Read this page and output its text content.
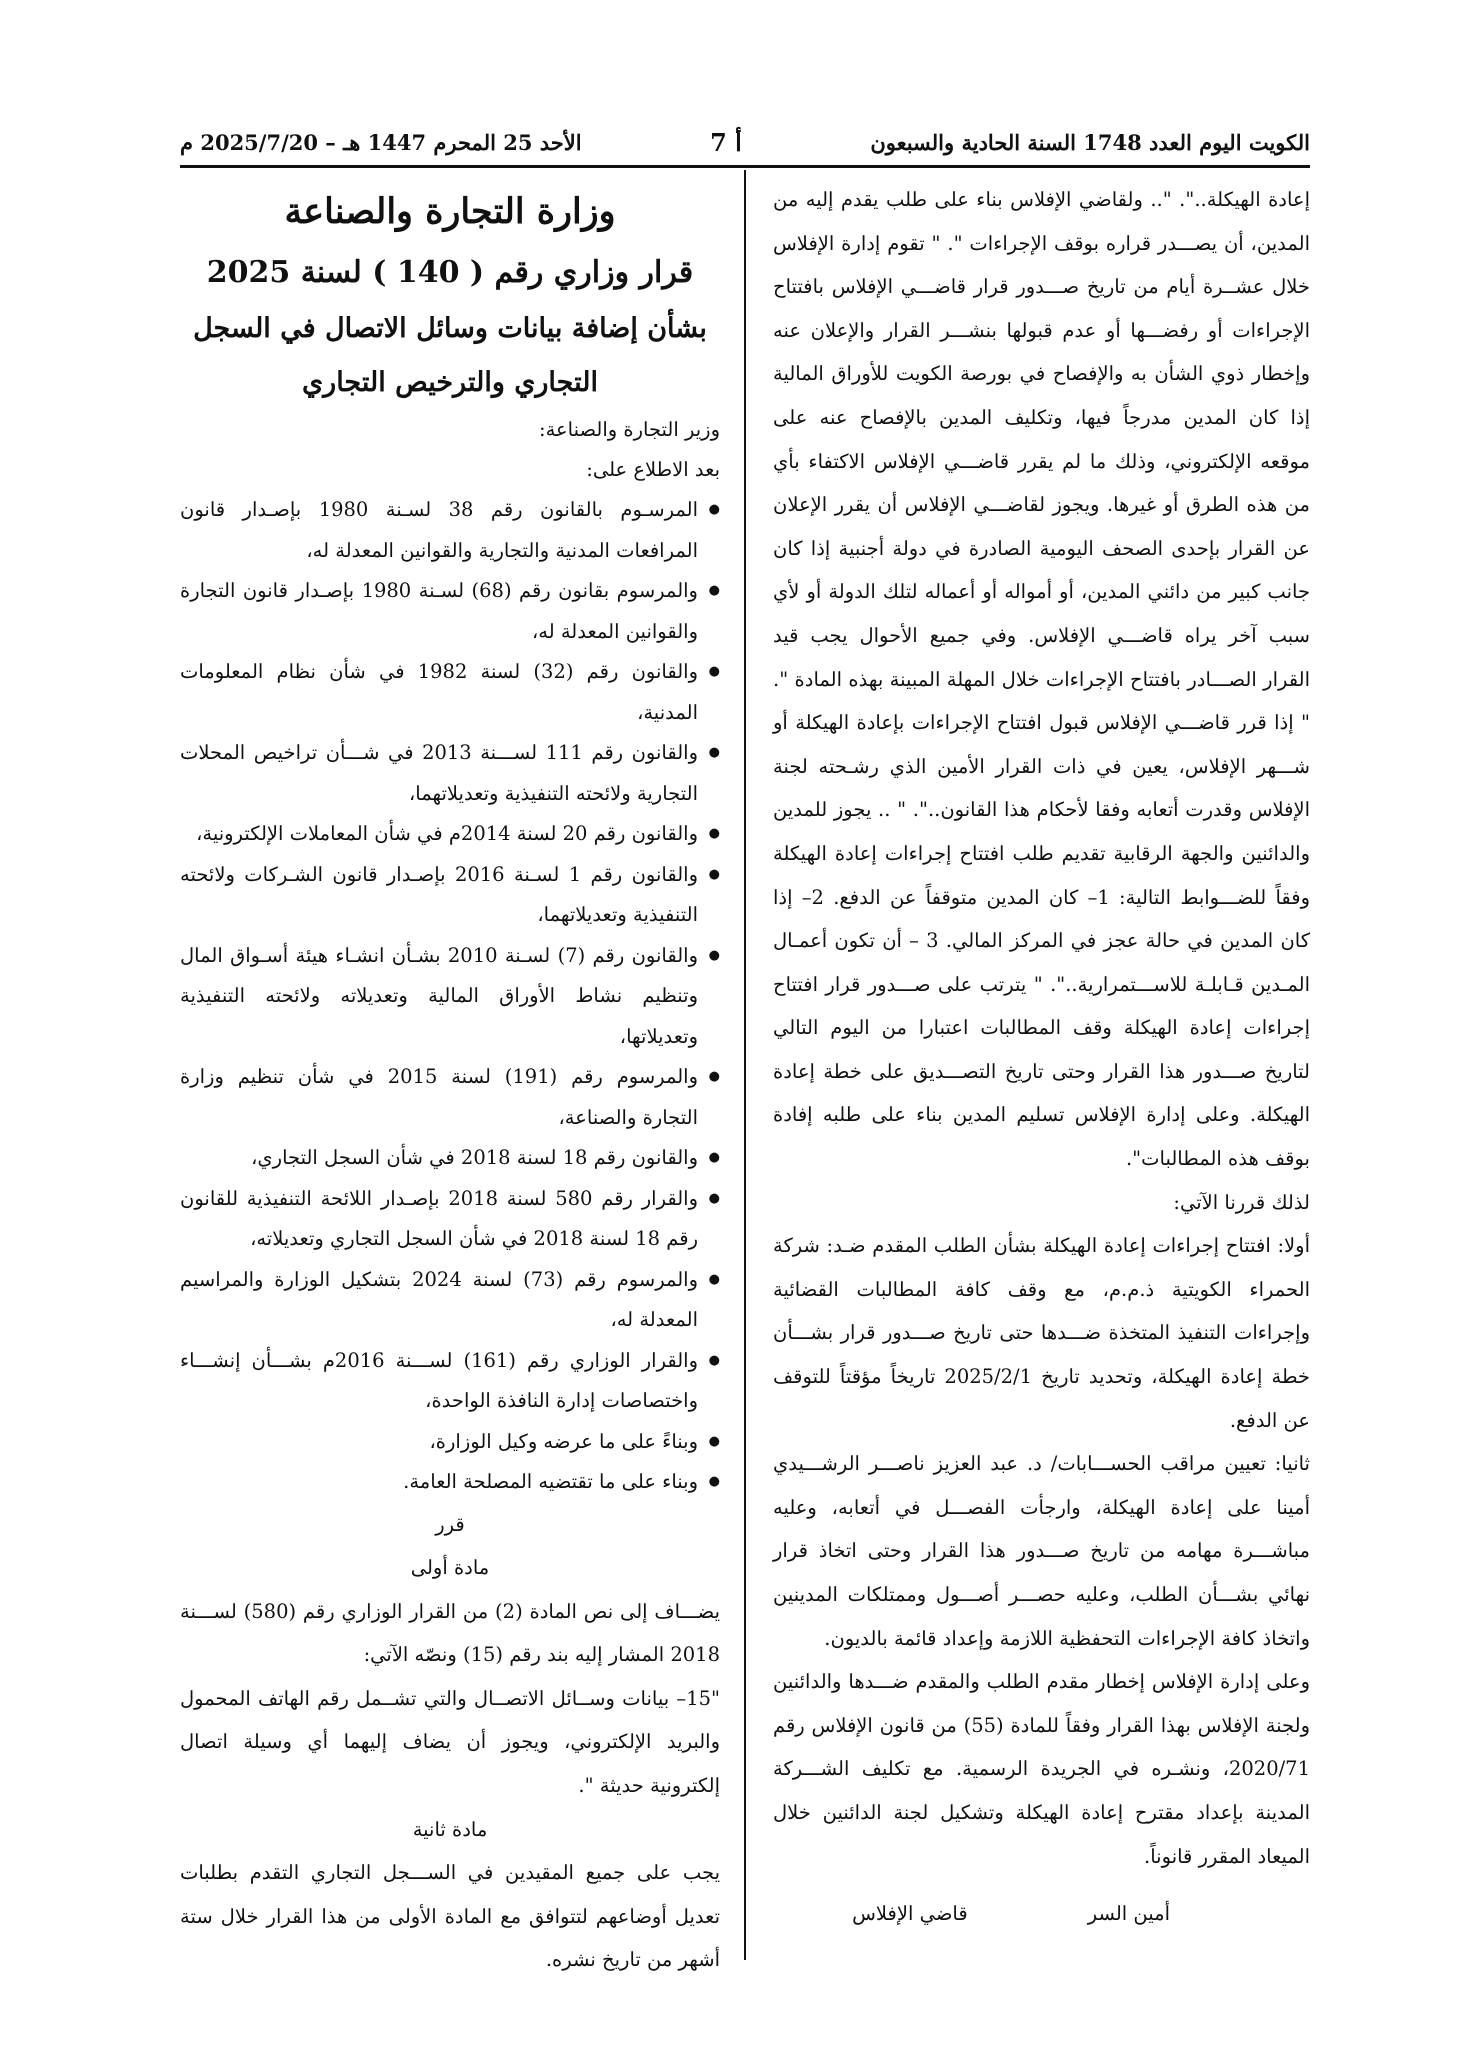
الكويت اليوم العدد 1748 السنة الحادية والسبعون
أ 7
الأحد 25 المحرم 1447 هـ – 2025/7/20 م

إعادة الهيكلة..". ".. ولقاضي الإفلاس بناء على طلب يقدم إليه من المدين، أن يصـــدر قراره بوقف الإجراءات ". " تقوم إدارة الإفلاس خلال عشــرة أيام من تاريخ صـــدور قرار قاضـــي الإفلاس بافتتاح الإجراءات أو رفضـــها أو عدم قبولها بنشـــر القرار والإعلان عنه وإخطار ذوي الشأن به والإفصاح في بورصة الكويت للأوراق المالية إذا كان المدين مدرجاً فيها، وتكليف المدين بالإفصاح عنه على موقعه الإلكتروني، وذلك ما لم يقرر قاضـــي الإفلاس الاكتفاء بأي من هذه الطرق أو غيرها. ويجوز لقاضـــي الإفلاس أن يقرر الإعلان عن القرار بإحدى الصحف اليومية الصادرة في دولة أجنبية إذا كان جانب كبير من دائني المدين، أو أمواله أو أعماله لتلك الدولة أو لأي سبب آخر يراه قاضـــي الإفلاس. وفي جميع الأحوال يجب قيد القرار الصـــادر بافتتاح الإجراءات خلال المهلة المبينة بهذه المادة ". " إذا قرر قاضـــي الإفلاس قبول افتتاح الإجراءات بإعادة الهيكلة أو شـــهر الإفلاس، يعين في ذات القرار الأمين الذي رشـحته لجنة الإفلاس وقدرت أتعابه وفقا لأحكام هذا القانون..". " .. يجوز للمدين والدائنين والجهة الرقابية تقديم طلب افتتاح إجراءات إعادة الهيكلة وفقاً للضـــوابط التالية: 1– كان المدين متوقفاً عن الدفع. 2– إذا كان المدين في حالة عجز في المركز المالي. 3 – أن تكون أعمـال المـدين قـابلـة للاســـتمرارية..". " يترتب على صـــدور قرار افتتاح إجراءات إعادة الهيكلة وقف المطالبات اعتبارا من اليوم التالي لتاريخ صـــدور هذا القرار وحتى تاريخ التصـــديق على خطة إعادة الهيكلة. وعلى إدارة الإفلاس تسليم المدين بناء على طلبه إفادة بوقف هذه المطالبات".

لذلك قررنا الآتي:

أولا: افتتاح إجراءات إعادة الهيكلة بشأن الطلب المقدم ضـد: شركة الحمراء الكويتية ذ.م.م، مع وقف كافة المطالبات القضائية وإجراءات التنفيذ المتخذة ضـــدها حتى تاريخ صـــدور قرار بشـــأن خطة إعادة الهيكلة، وتحديد تاريخ 2025/2/1 تاريخاً مؤقتاً للتوقف عن الدفع.

ثانيا: تعيين مراقب الحســـابات/ د. عبد العزيز ناصـــر الرشـــيدي أمينا على إعادة الهيكلة، وارجأت الفصـــل في أتعابه، وعليه مباشـــرة مهامه من تاريخ صـــدور هذا القرار وحتى اتخاذ قرار نهائي بشـــأن الطلب، وعليه حصـــر أصـــول وممتلكات المدينين واتخاذ كافة الإجراءات التحفظية اللازمة وإعداد قائمة بالديون.

وعلى إدارة الإفلاس إخطار مقدم الطلب والمقدم ضـــدها والدائنين ولجنة الإفلاس بهذا القرار وفقاً للمادة (55) من قانون الإفلاس رقم 2020/71، ونشـره في الجريدة الرسمية. مع تكليف الشـــركة المدينة بإعداد مقترح إعادة الهيكلة وتشكيل لجنة الدائنين خلال الميعاد المقرر قانوناً.

أمين السر
قاضي الإفلاس
وزارة التجارة والصناعة
قرار وزاري رقم ( 140 ) لسنة 2025
بشأن إضافة بيانات وسائل الاتصال في السجل
التجاري والترخيص التجاري

وزير التجارة والصناعة:

بعد الاطلاع على:

● المرسـوم بالقانون رقم 38 لسـنة 1980 بإصـدار قانون المرافعات المدنية والتجارية والقوانين المعدلة له،
● والمرسوم بقانون رقم (68) لسـنة 1980 بإصـدار قانون التجارة والقوانين المعدلة له،
● والقانون رقم (32) لسنة 1982 في شأن نظام المعلومات المدنية،
● والقانون رقم 111 لســـنة 2013 في شـــأن تراخيص المحلات التجارية ولائحته التنفيذية وتعديلاتهما،
● والقانون رقم 20 لسنة 2014م في شأن المعاملات الإلكترونية،
● والقانون رقم 1 لسـنة 2016 بإصـدار قانون الشـركات ولائحته التنفيذية وتعديلاتهما،
● والقانون رقم (7) لسـنة 2010 بشـأن انشـاء هيئة أسـواق المال وتنظيم نشاط الأوراق المالية وتعديلاته ولائحته التنفيذية وتعديلاتها،
● والمرسوم رقم (191) لسنة 2015 في شأن تنظيم وزارة التجارة والصناعة،
● والقانون رقم 18 لسنة 2018 في شأن السجل التجاري،
● والقرار رقم 580 لسنة 2018 بإصـدار اللائحة التنفيذية للقانون رقم 18 لسنة 2018 في شأن السجل التجاري وتعديلاته،
● والمرسوم رقم (73) لسنة 2024 بتشكيل الوزارة والمراسيم المعدلة له،
● والقرار الوزاري رقم (161) لســـنة 2016م بشـــأن إنشـــاء واختصاصات إدارة النافذة الواحدة،
● وبناءً على ما عرضه وكيل الوزارة،
● وبناء على ما تقتضيه المصلحة العامة.

قرر

مادة أولى

يضـــاف إلى نص المادة (2) من القرار الوزاري رقم (580) لســـنة 2018 المشار إليه بند رقم (15) ونصّه الآتي:

"15– بيانات وســائل الاتصــال والتي تشــمل رقم الهاتف المحمول والبريد الإلكتروني، ويجوز أن يضاف إليهما أي وسيلة اتصال إلكترونية حديثة ".

مادة ثانية

يجب على جميع المقيدين في الســـجل التجاري التقدم بطلبات تعديل أوضاعهم لتتوافق مع المادة الأولى من هذا القرار خلال ستة أشهر من تاريخ نشره.
